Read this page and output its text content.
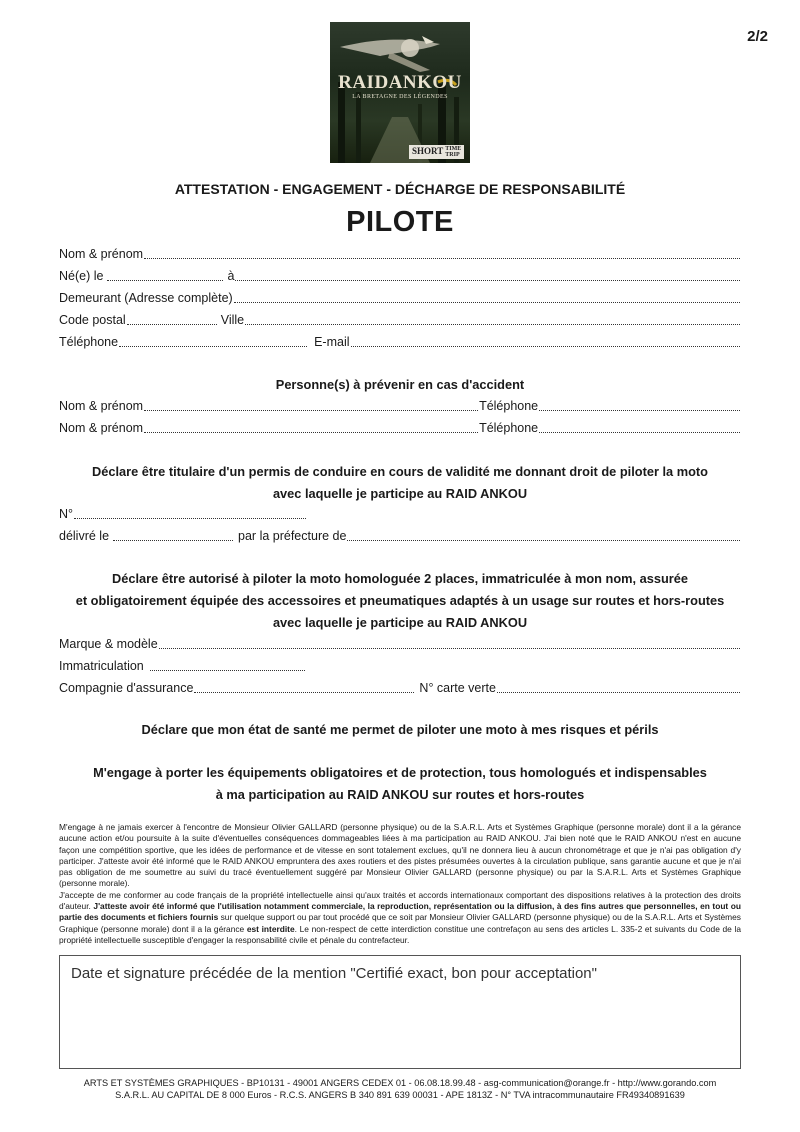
2/2
RAIDANKOU
LA BRETAGNE DES LÉGENDES
SHORT TIME
TRIP
ATTESTATION - ENGAGEMENT - DÉCHARGE DE RESPONSABILITÉ
PILOTE
Nom & prénom
Né(e) le	à
Demeurant (Adresse complète)
Code postal	Ville
Téléphone	E-mail
Personne(s) à prévenir en cas d'accident
Nom & prénom	Téléphone
Nom & prénom	Téléphone
Déclare être titulaire d'un permis de conduire en cours de validité me donnant droit de piloter la moto
avec laquelle je participe au RAID ANKOU
N°
délivré le	par la préfecture de
Déclare être autorisé à piloter la moto homologuée 2 places, immatriculée à mon nom, assurée
et obligatoirement équipée des accessoires et pneumatiques adaptés à un usage sur routes et hors-routes
avec laquelle je participe au RAID ANKOU
Marque & modèle
Immatriculation
Compagnie d'assurance	N° carte verte
Déclare que mon état de santé me permet de piloter une moto à mes risques et périls
M'engage à porter les équipements obligatoires et de protection, tous homologués et indispensables
à ma participation au RAID ANKOU sur routes et hors-routes

M'engage à ne jamais exercer à l'encontre de Monsieur Olivier GALLARD (personne physique) ou de la S.A.R.L. Arts et Systèmes Graphique (personne morale) dont il a la gérance aucune action et/ou poursuite à la suite d'éventuelles conséquences dommageables liées à ma participation au RAID ANKOU. J'ai bien noté que le RAID ANKOU n'est en aucune façon une compétition sportive, que les idées de performance et de vitesse en sont totalement exclues, qu'il ne donnera lieu à aucun chronométrage et que je n'ai pas obligation d'y participer. J'atteste avoir été informé que le RAID ANKOU empruntera des axes routiers et des pistes présumées ouvertes à la circulation publique, sans garantie aucune et que je n'ai pas obligation de me soumettre au suivi du tracé éventuellement suggéré par Monsieur Olivier GALLARD (personne physique) ou par la S.A.R.L. Arts et Systèmes Graphique (personne morale).

J'accepte de me conformer au code français de la propriété intellectuelle ainsi qu'aux traités et accords internationaux comportant des dispositions relatives à la protection des droits d'auteur. J'atteste avoir été informé que l'utilisation notamment commerciale, la reproduction, représentation ou la diffusion, à des fins autres que personnelles, en tout ou partie des documents et fichiers fournis sur quelque support ou par tout procédé que ce soit par Monsieur Olivier GALLARD (personne physique) ou de la S.A.R.L. Arts et Systèmes Graphique (personne morale) dont il a la gérance est interdite. Le non-respect de cette interdiction constitue une contrefaçon au sens des articles L. 335-2 et suivants du Code de la propriété intellectuelle susceptible d'engager la responsabilité civile et pénale du contrefacteur.

Date et signature précédée de la mention "Certifié exact, bon pour acceptation"
ARTS ET SYSTÈMES GRAPHIQUES - BP10131 - 49001 ANGERS CEDEX 01 - 06.08.18.99.48 - asg-communication@orange.fr - http://www.gorando.com
S.A.R.L. AU CAPITAL DE 8 000 Euros - R.C.S. ANGERS B 340 891 639 00031 - APE 1813Z - N° TVA intracommunautaire FR49340891639
